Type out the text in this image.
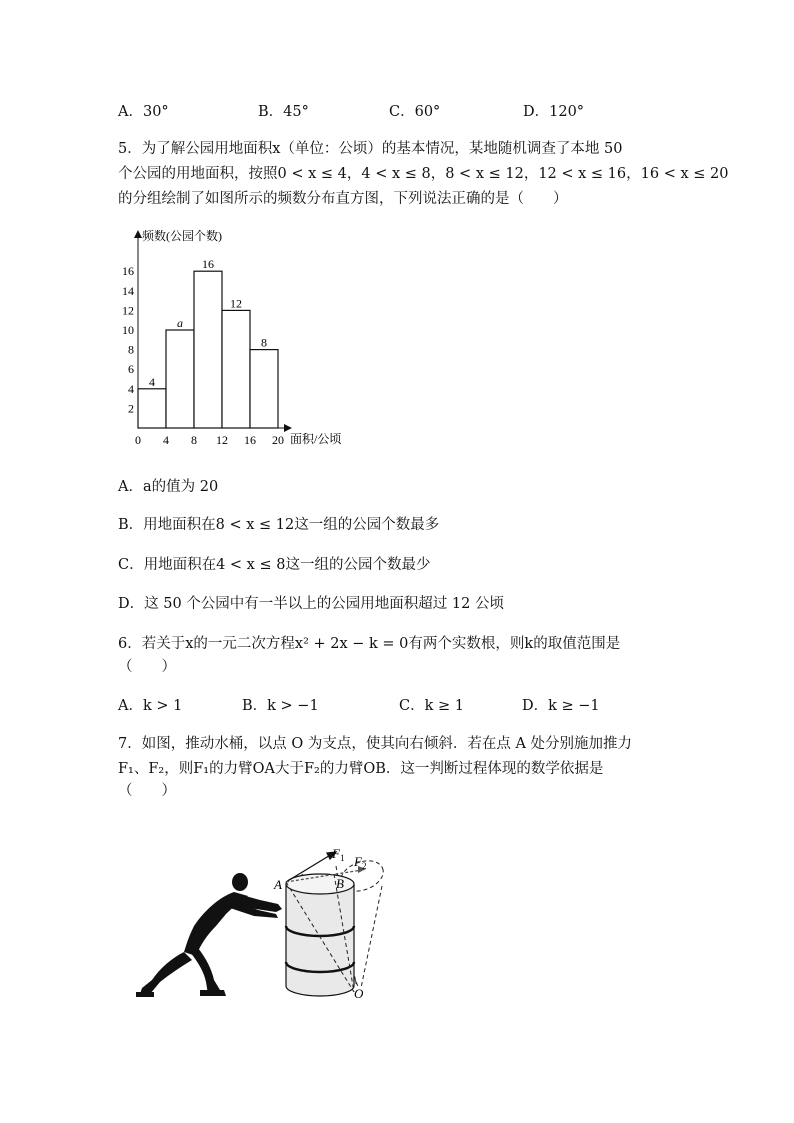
A．30°	B．45°	C．60°	D．120°
5．为了解公园用地面积x（单位：公顷）的基本情况，某地随机调查了本地 50
个公园的用地面积，按照0 < x ≤ 4，4 < x ≤ 8，8 < x ≤ 12，12 < x ≤ 16，16 < x ≤ 20
的分组绘制了如图所示的频数分布直方图，下列说法正确的是（　　）
2
4
6
8
10
12
14
16
0 4 8 12 16 20
4
a
16
12
8
频数(公园个数)
面积/公顷
A．a的值为 20
B．用地面积在8 < x ≤ 12这一组的公园个数最多
C．用地面积在4 < x ≤ 8这一组的公园个数最少
D．这 50 个公园中有一半以上的公园用地面积超过 12 公顷
6．若关于x的一元二次方程x² + 2x − k = 0有两个实数根，则k的取值范围是
（　　）
A．k > 1	B．k > −1	C．k ≥ 1	D．k ≥ −1
7．如图，推动水桶，以点 O 为支点，使其向右倾斜．若在点 A 处分别施加推力
F₁、F₂，则F₁的力臂OA大于F₂的力臂OB．这一判断过程体现的数学依据是
（　　）
A	B
O
$F_1$ $F_2$
